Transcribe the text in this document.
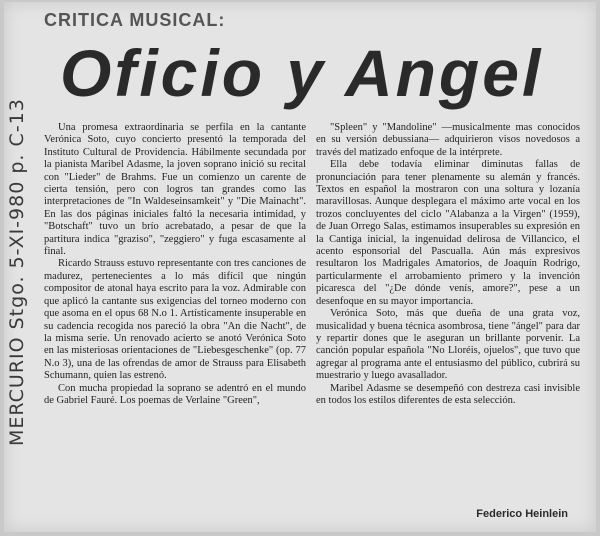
MERCURIO Stgo. 5-XI-980 p. C-13
CRITICA MUSICAL:
Oficio y Angel

Una promesa extraordinaria se perfila en la cantante Verónica Soto, cuyo concierto presentó la temporada del Instituto Cultural de Providencia. Hábilmente secundada por la pianista Maribel Adasme, la joven soprano inició su recital con "Lieder" de Brahms. Fue un comienzo un carente de cierta tensión, pero con logros tan grandes como las interpretaciones de "In Waldeseinsamkeit" y "Die Mainacht". En las dos páginas iniciales faltó la necesaria intimidad, y "Botschaft" tuvo un brío acrebatado, a pesar de que la partitura indica "graziso", "zeggiero" y fuga escasamente al final.

Ricardo Strauss estuvo representante con tres canciones de madurez, pertenecientes a lo más difícil que ningún compositor de atonal haya escrito para la voz. Admirable con que aplicó la cantante sus exigencias del torneo moderno con que asoma en el opus 68 N.o 1. Artísticamente insuperable en su cadencia recogida nos pareció la obra "An die Nacht", de la misma serie. Un renovado acierto se anotó Verónica Soto en las misteriosas orientaciones de "Liebesgeschenke" (op. 77 N.o 3), una de las ofrendas de amor de Strauss para Elisabeth Schumann, quien las estrenó.

Con mucha propiedad la soprano se adentró en el mundo de Gabriel Fauré. Los poemas de Verlaine "Green",

"Spleen" y "Mandoline" —musicalmente mas conocidos en su versión debussiana— adquirieron visos novedosos a través del matizado enfoque de la intérprete.

Ella debe todavía eliminar diminutas fallas de pronunciación para tener plenamente su alemán y francés. Textos en español la mostraron con una soltura y lozanía maravillosas. Aunque desplegara el máximo arte vocal en los trozos concluyentes del ciclo "Alabanza a la Virgen" (1959), de Juan Orrego Salas, estimamos insuperables su expresión en la Cantiga inicial, la ingenuidad delirosa de Villancico, el acento esponsorial del Pascualla. Aún más expresivos resultaron los Madrigales Amatorios, de Joaquín Rodrigo, particularmente el arrobamiento primero y la invención picaresca del "¿De dónde venís, amore?", pese a un desenfoque en su mayor importancia.

Verónica Soto, más que dueña de una grata voz, musicalidad y buena técnica asombrosa, tiene "ángel" para dar y repartir dones que le aseguran un brillante porvenir. La canción popular española "No Lloréis, ojuelos", que tuvo que agregar al programa ante el entusiasmo del público, cubrirá su muestrario y luego avasallador.

Maribel Adasme se desempeñó con destreza casi invisible en todos los estilos diferentes de esta selección.

Federico Heinlein
